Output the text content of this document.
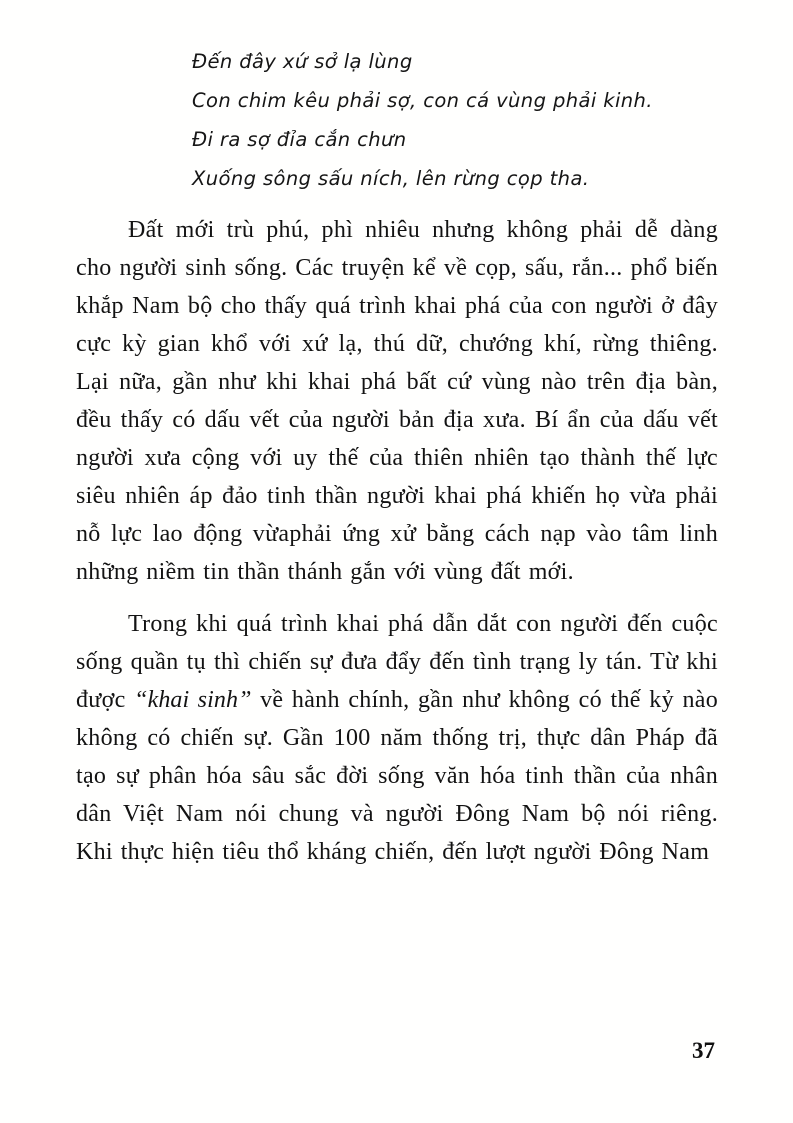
Đến đây xứ sở lạ lùng
Con chim kêu phải sợ, con cá vùng phải kinh.
Đi ra sợ đỉa cắn chưn
Xuống sông sấu ních, lên rừng cọp tha.

Đất mới trù phú, phì nhiêu nhưng không phải dễ dàng cho người sinh sống. Các truyện kể về cọp, sấu, rắn... phổ biến khắp Nam bộ cho thấy quá trình khai phá của con người ở đây cực kỳ gian khổ với xứ lạ, thú dữ, chướng khí, rừng thiêng. Lại nữa, gần như khi khai phá bất cứ vùng nào trên địa bàn, đều thấy có dấu vết của người bản địa xưa. Bí ẩn của dấu vết người xưa cộng với uy thế của thiên nhiên tạo thành thế lực siêu nhiên áp đảo tinh thần người khai phá khiến họ vừa phải nỗ lực lao động vừaphải ứng xử bằng cách nạp vào tâm linh những niềm tin thần thánh gắn với vùng đất mới.

Trong khi quá trình khai phá dẫn dắt con người đến cuộc sống quần tụ thì chiến sự đưa đẩy đến tình trạng ly tán. Từ khi được “khai sinh” về hành chính, gần như không có thế kỷ nào không có chiến sự. Gần 100 năm thống trị, thực dân Pháp đã tạo sự phân hóa sâu sắc đời sống văn hóa tinh thần của nhân dân Việt Nam nói chung và người Đông Nam bộ nói riêng. Khi thực hiện tiêu thổ kháng chiến, đến lượt người Đông Nam

37
